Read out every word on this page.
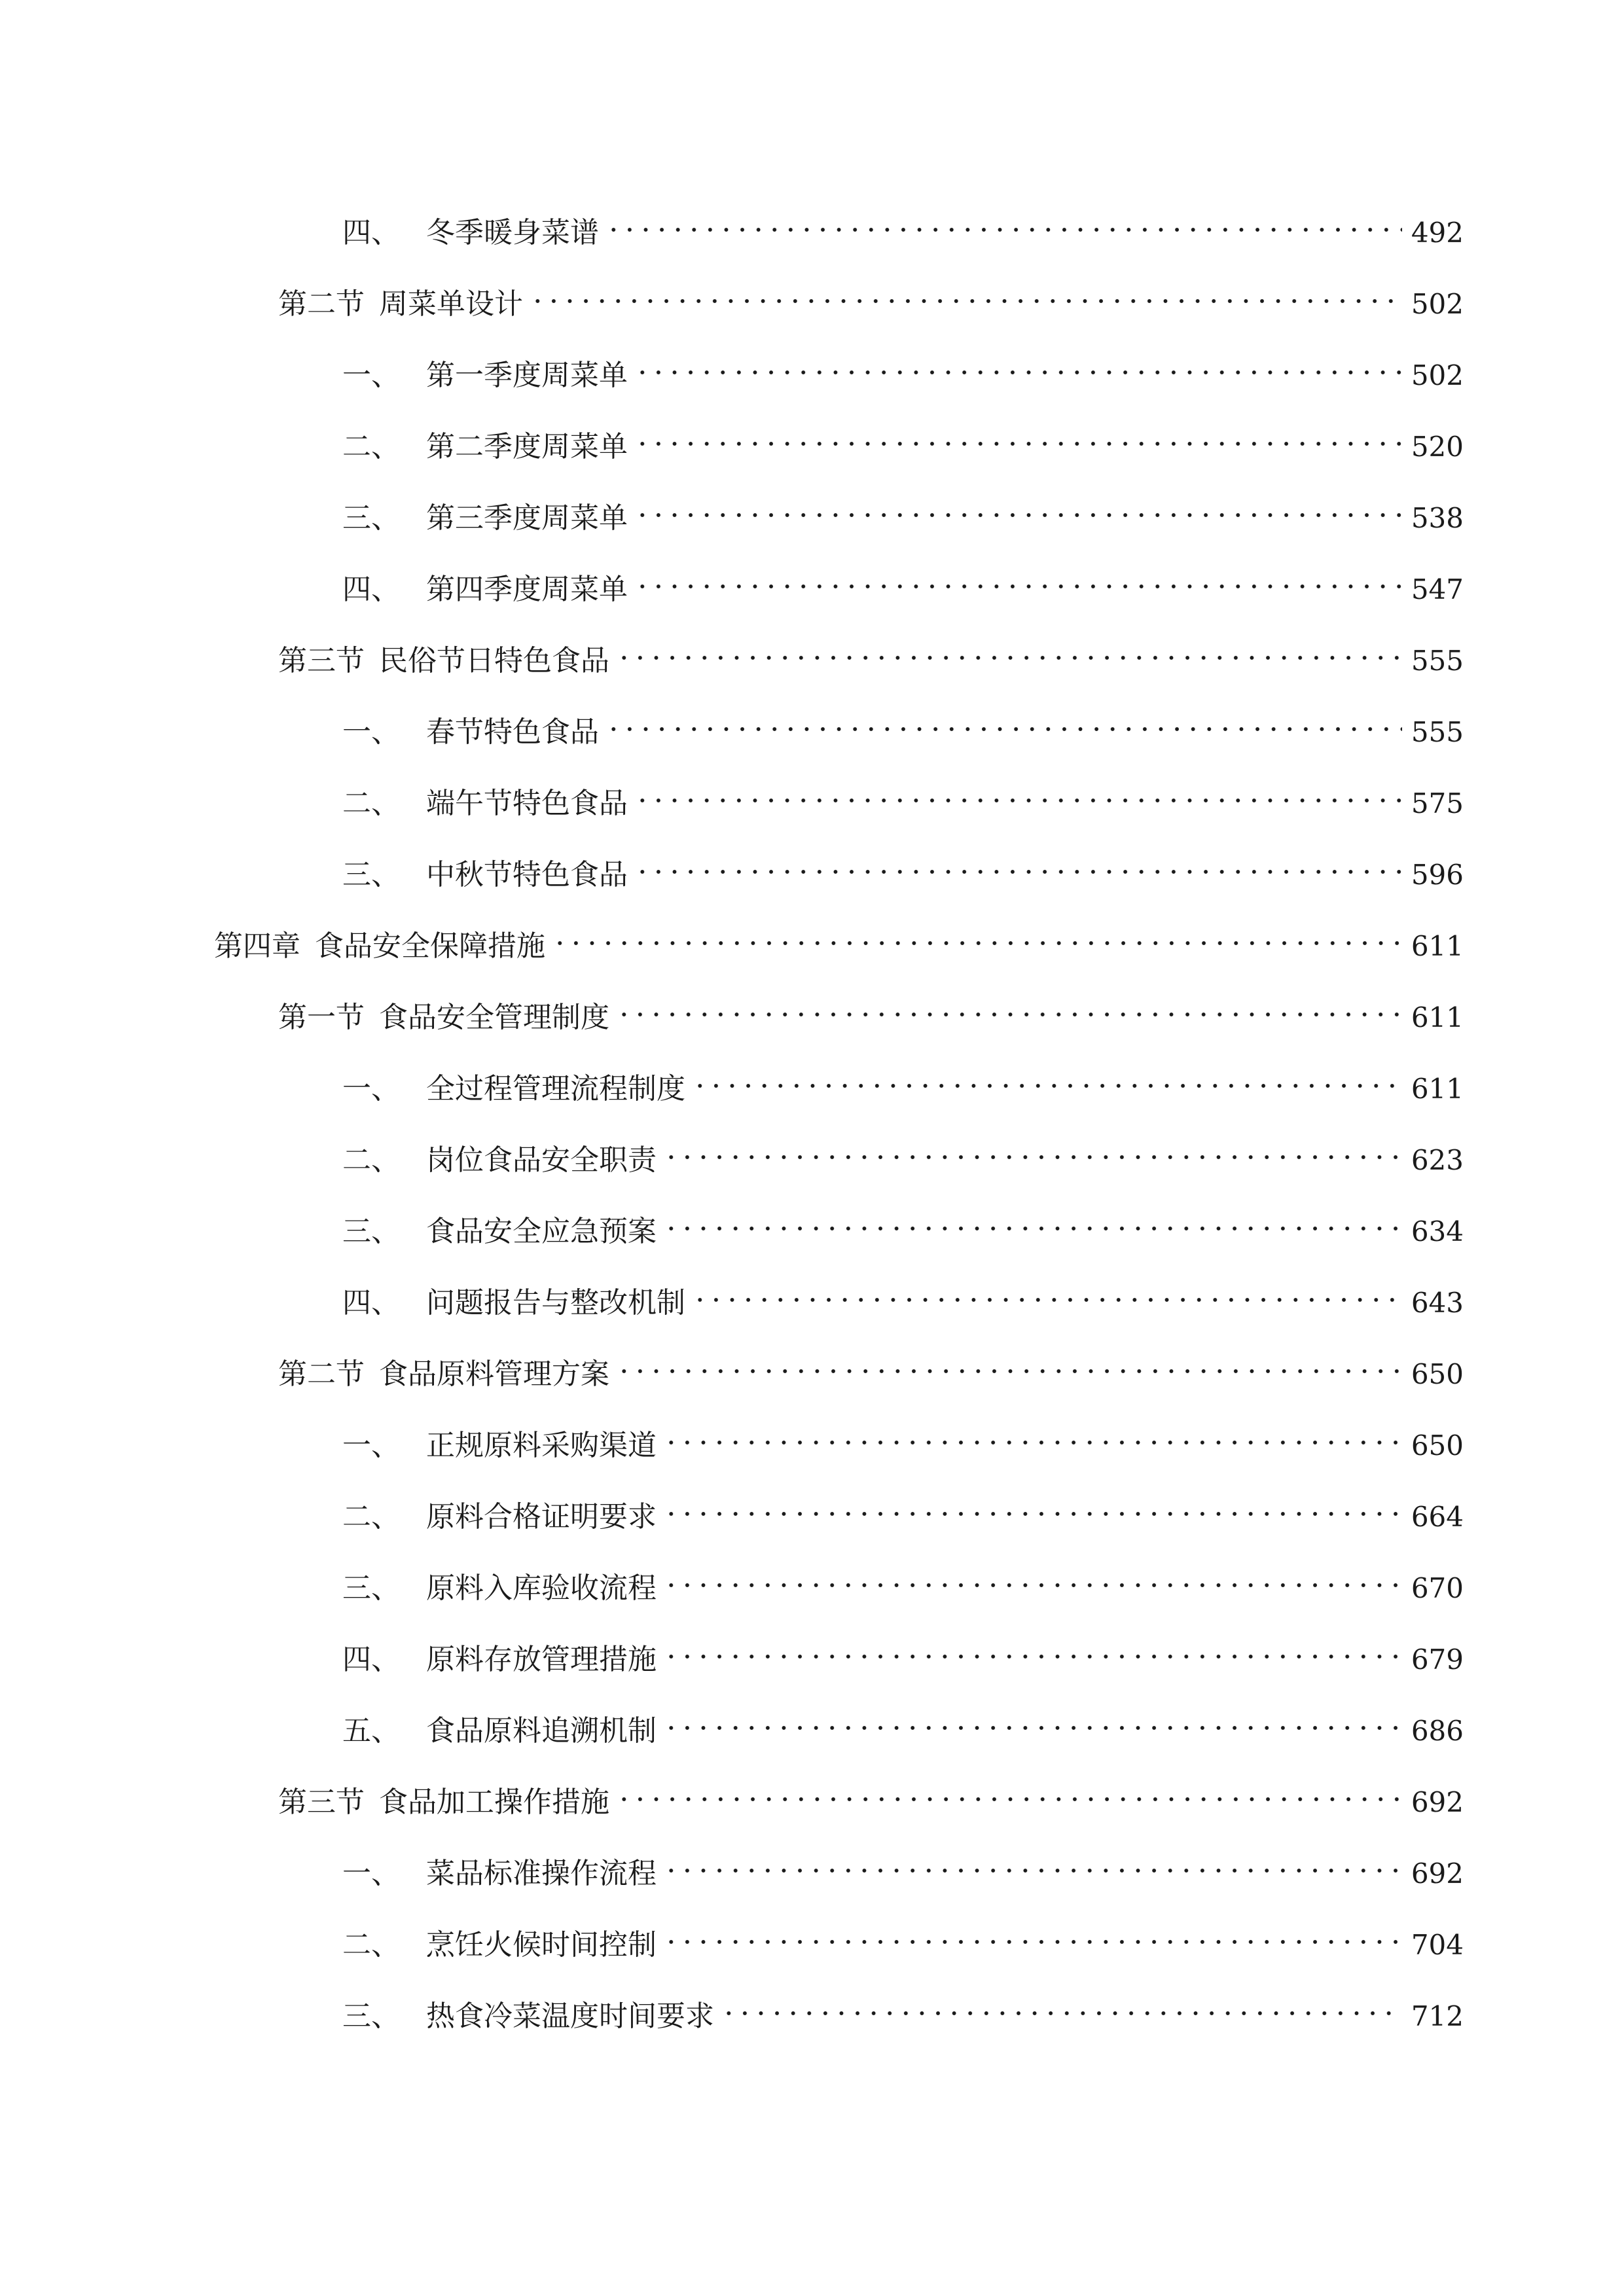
四、 冬季暖身菜谱	492
第二节 周菜单设计	502
一、 第一季度周菜单	502
二、 第二季度周菜单	520
三、 第三季度周菜单	538
四、 第四季度周菜单	547
第三节 民俗节日特色食品	555
一、 春节特色食品	555
二、 端午节特色食品	575
三、 中秋节特色食品	596
第四章 食品安全保障措施	611
第一节 食品安全管理制度	611
一、 全过程管理流程制度	611
二、 岗位食品安全职责	623
三、 食品安全应急预案	634
四、 问题报告与整改机制	643
第二节 食品原料管理方案	650
一、 正规原料采购渠道	650
二、 原料合格证明要求	664
三、 原料入库验收流程	670
四、 原料存放管理措施	679
五、 食品原料追溯机制	686
第三节 食品加工操作措施	692
一、 菜品标准操作流程	692
二、 烹饪火候时间控制	704
三、 热食冷菜温度时间要求	712
